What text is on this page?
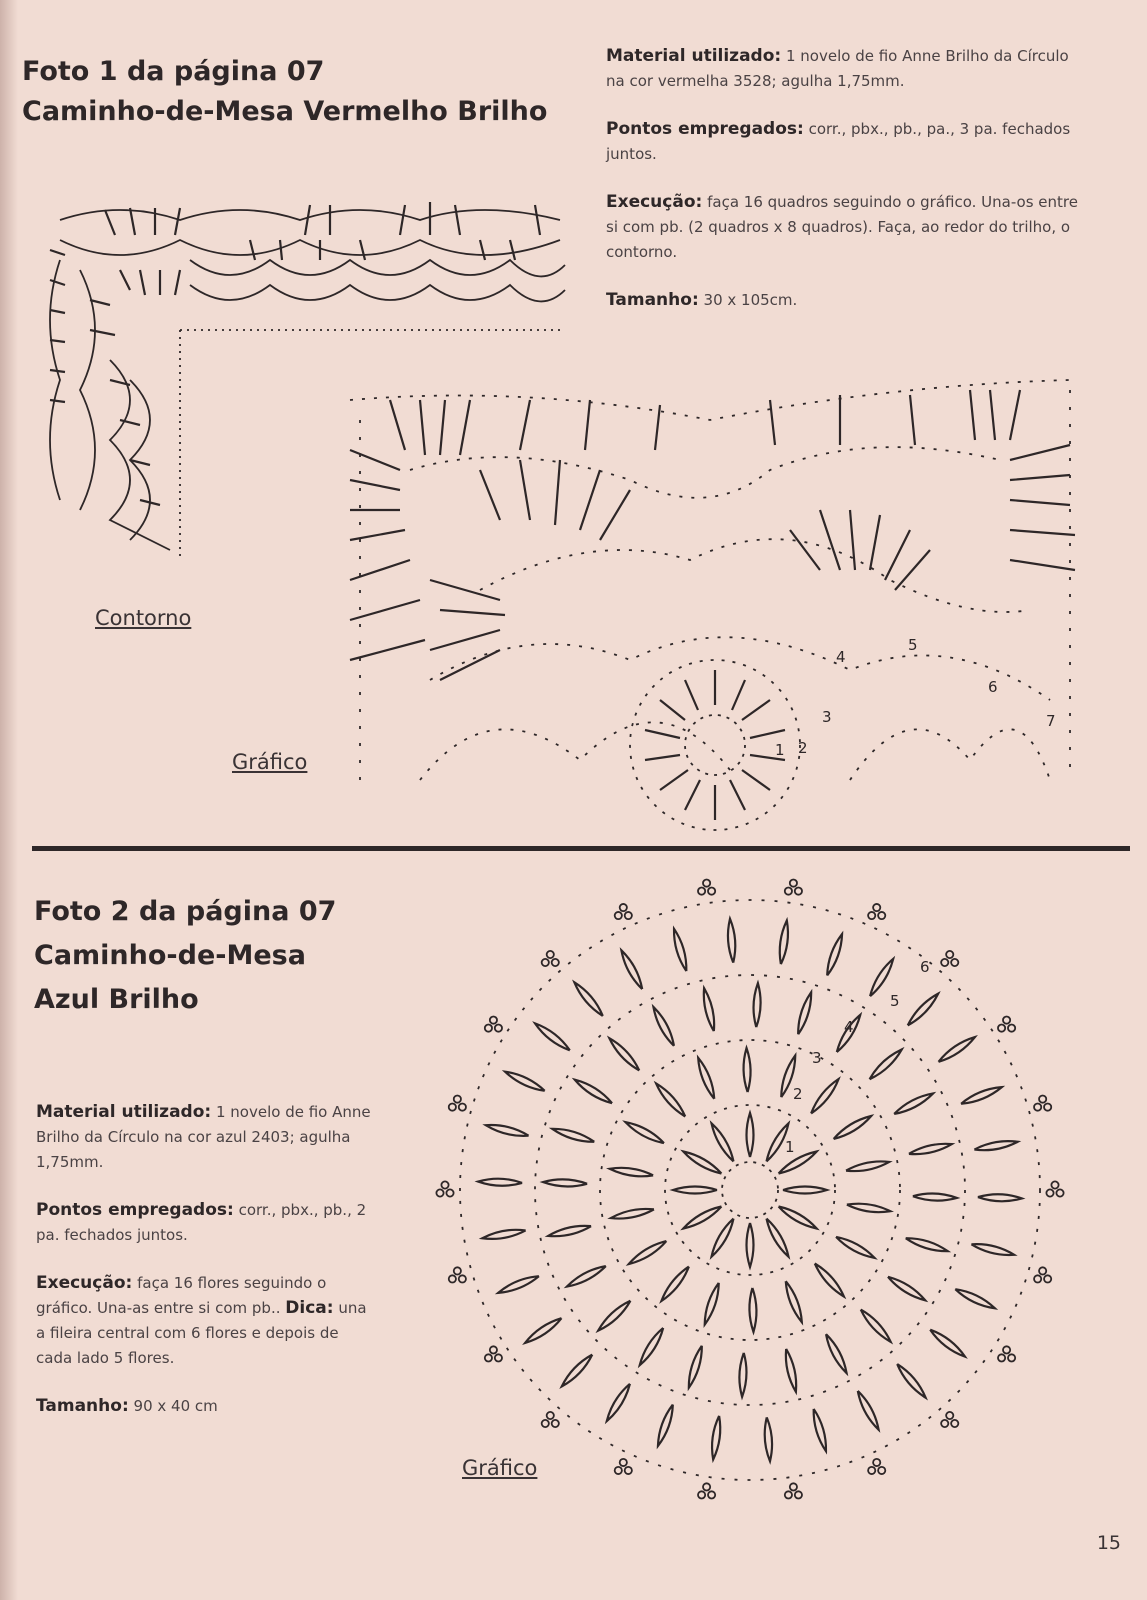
Foto 1 da página 07
Caminho-de-Mesa Vermelho Brilho

Material utilizado: 1 novelo de fio Anne Brilho da Círculo na cor vermelha 3528; agulha 1,75mm.

Pontos empregados: corr., pbx., pb., pa., 3 pa. fechados juntos.

Execução: faça 16 quadros seguindo o gráfico. Una-os entre si com pb. (2 quadros x 8 quadros). Faça, ao redor do trilho, o contorno.

Tamanho: 30 x 105cm.

Contorno
1 2
3
4
5
6
7
Gráfico
Foto 2 da página 07
Caminho-de-Mesa
Azul Brilho

Material utilizado: 1 novelo de fio Anne Brilho da Círculo na cor azul 2403; agulha 1,75mm.

Pontos empregados: corr., pbx., pb., 2 pa. fechados juntos.

Execução: faça 16 flores seguindo o gráfico. Una-as entre si com pb.. Dica: una a fileira central com 6 flores e depois de cada lado 5 flores.

Tamanho: 90 x 40 cm

1
2
3
4
5
6
Gráfico
15
